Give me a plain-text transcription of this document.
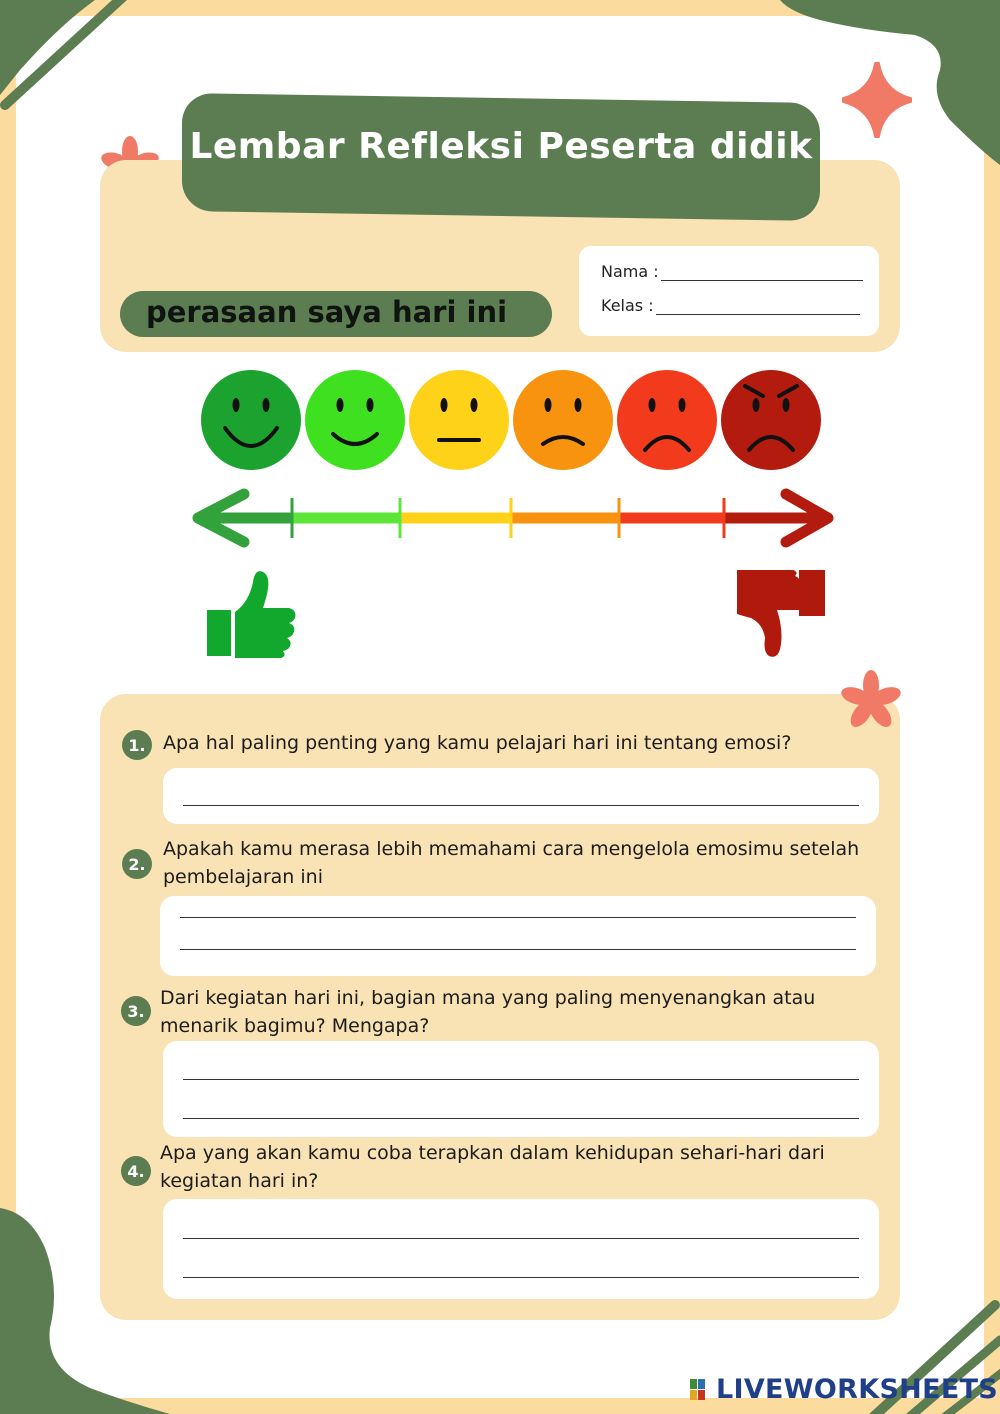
Lembar Refleksi Peserta didik
perasaan saya hari ini
Nama :
Kelas :
1. Apa hal paling penting yang kamu pelajari hari ini tentang emosi?
2.
Apakah kamu merasa lebih memahami cara mengelola emosimu setelah pembelajaran ini
3.
Dari kegiatan hari ini, bagian mana yang paling menyenangkan atau menarik bagimu? Mengapa?
4.
Apa yang akan kamu coba terapkan dalam kehidupan sehari-hari dari kegiatan hari in?
LIVEWORKSHEETS
